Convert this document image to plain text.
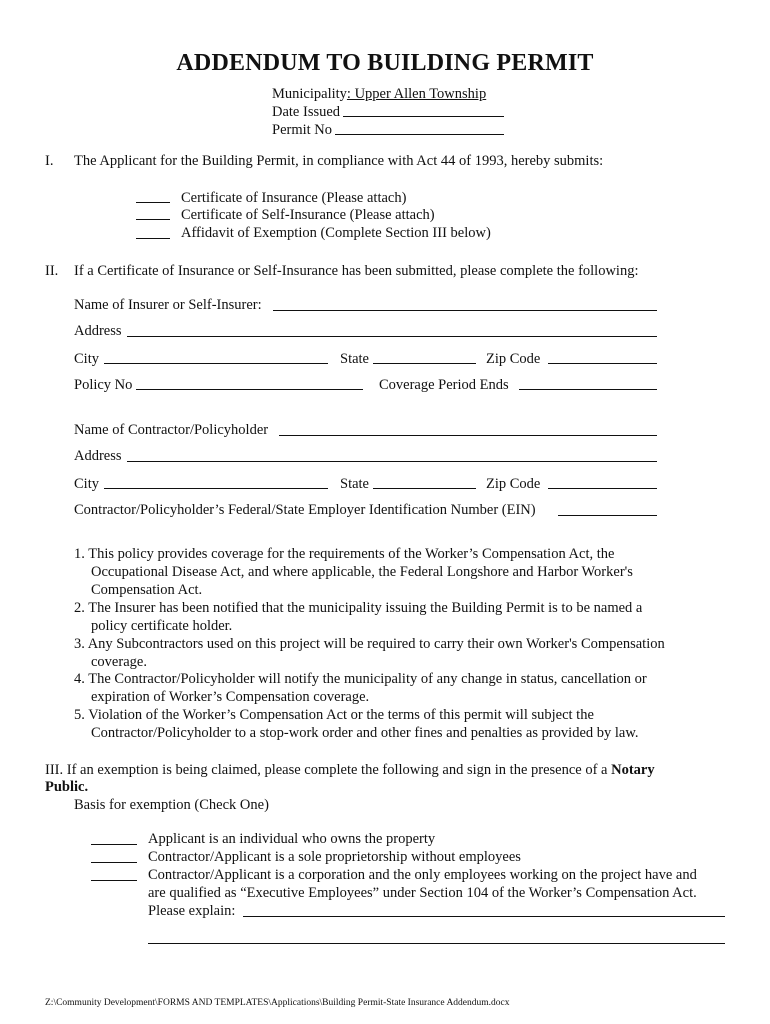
ADDENDUM TO BUILDING PERMIT
Municipality: Upper Allen Township
Date Issued
Permit No
I. The Applicant for the Building Permit, in compliance with Act 44 of 1993, hereby submits:
Certificate of Insurance (Please attach)
Certificate of Self-Insurance (Please attach)
Affidavit of Exemption (Complete Section III below)
II. If a Certificate of Insurance or Self-Insurance has been submitted, please complete the following:
Name of Insurer or Self-Insurer:
Address
City	State	Zip Code
Policy No	Coverage Period Ends
Name of Contractor/Policyholder
Address
City	State	Zip Code
Contractor/Policyholder’s Federal/State Employer Identification Number (EIN)
1. This policy provides coverage for the requirements of the Worker’s Compensation Act, the
Occupational Disease Act, and where applicable, the Federal Longshore and Harbor Worker's
Compensation Act.
2. The Insurer has been notified that the municipality issuing the Building Permit is to be named a
policy certificate holder.
3. Any Subcontractors used on this project will be required to carry their own Worker's Compensation
coverage.
4. The Contractor/Policyholder will notify the municipality of any change in status, cancellation or
expiration of Worker’s Compensation coverage.
5. Violation of the Worker’s Compensation Act or the terms of this permit will subject the
Contractor/Policyholder to a stop-work order and other fines and penalties as provided by law.
III. If an exemption is being claimed, please complete the following and sign in the presence of a Notary
Public.
Basis for exemption (Check One)
Applicant is an individual who owns the property
Contractor/Applicant is a sole proprietorship without employees
Contractor/Applicant is a corporation and the only employees working on the project have and
are qualified as “Executive Employees” under Section 104 of the Worker’s Compensation Act.
Please explain:
Z:\Community Development\FORMS AND TEMPLATES\Applications\Building Permit-State Insurance Addendum.docx
